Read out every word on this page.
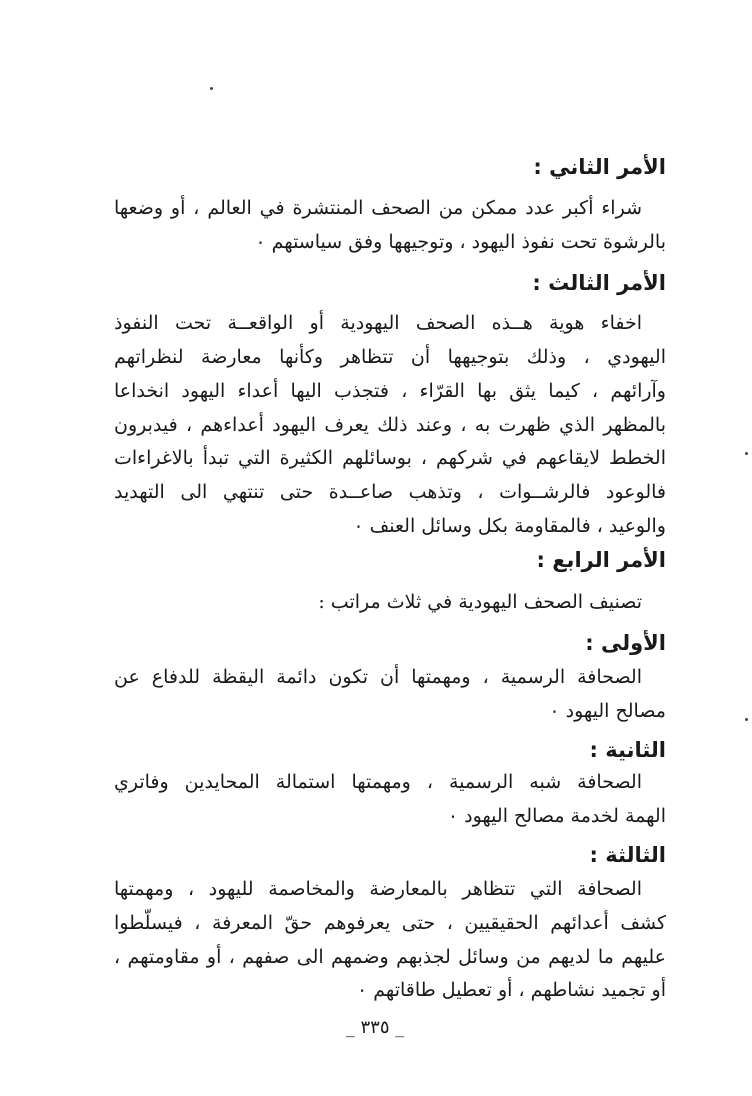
الأمر الثاني :
شراء أكبر عدد ممكن من الصحف المنتشرة في العالم ، أو وضعها
بالرشوة تحت نفوذ اليهود ، وتوجيهها وفق سياستهم ٠
الأمر الثالث :
اخفاء هوية هــذه الصحف اليهودية أو الواقعــة تحت النفوذ
اليهودي ، وذلك بتوجيهها أن تتظاهر وكأنها معارضة لنظراتهم
وآرائهم ، كيما يثق بها القرّاء ، فتجذب اليها أعداء اليهود انخداعا
بالمظهر الذي ظهرت به ، وعند ذلك يعرف اليهود أعداءهم ، فيدبرون
الخطط لايقاعهم في شركهم ، بوسائلهم الكثيرة التي تبدأ بالاغراءات
فالوعود فالرشــوات ، وتذهب صاعــدة حتى تنتهي الى التهديد
والوعيد ، فالمقاومة بكل وسائل العنف ٠
الأمر الرابع :
تصنيف الصحف اليهودية في ثلاث مراتب :
الأولى :
الصحافة الرسمية ، ومهمتها أن تكون دائمة اليقظة للدفاع عن
مصالح اليهود ٠
الثانية :
الصحافة شبه الرسمية ، ومهمتها استمالة المحايدين وفاتري
الهمة لخدمة مصالح اليهود ٠
الثالثة :
الصحافة التي تتظاهر بالمعارضة والمخاصمة لليهود ، ومهمتها
كشف أعدائهم الحقيقيين ، حتى يعرفوهم حقّ المعرفة ، فيسلّطوا
عليهم ما لديهم من وسائل لجذبهم وضمهم الى صفهم ، أو مقاومتهم ،
أو تجميد نشاطهم ، أو تعطيل طاقاتهم ٠
_ ٣٣٥ _
